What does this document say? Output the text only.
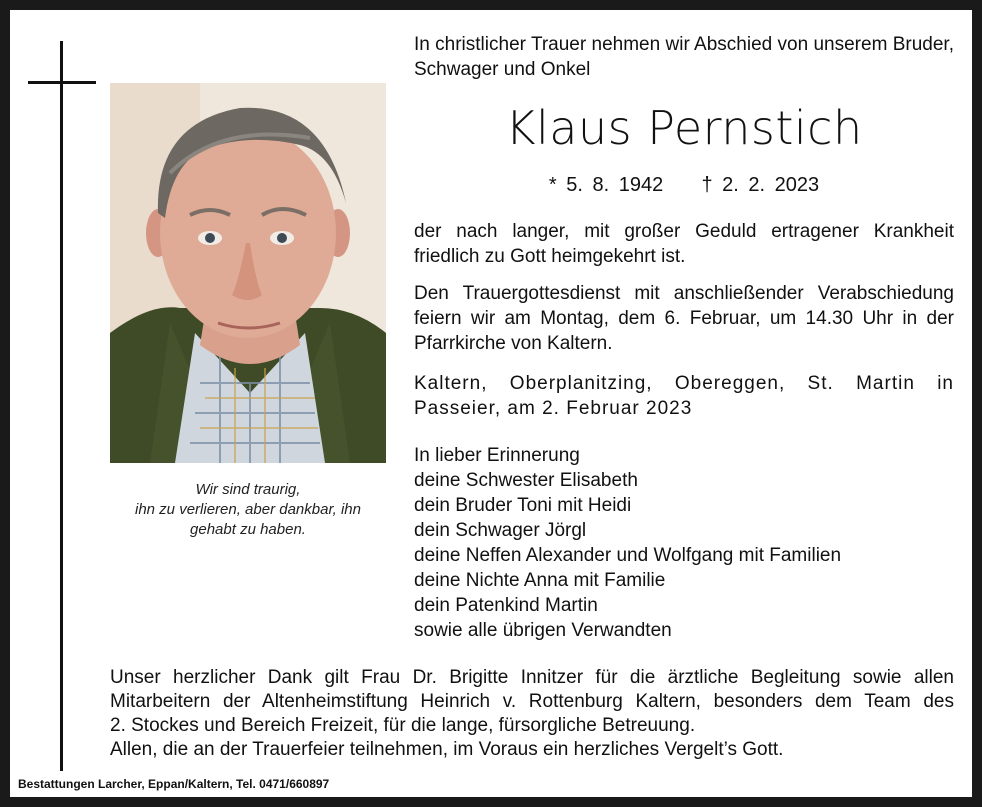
Wir sind traurig,
ihn zu verlieren, aber dankbar, ihn
gehabt zu haben.
In christlicher Trauer nehmen wir Abschied von unserem Bruder, Schwager und Onkel
Klaus Pernstich
* 5. 8. 1942    † 2. 2. 2023
der nach langer, mit großer Geduld ertragener Krankheit friedlich zu Gott heimgekehrt ist.
Den Trauergottesdienst mit anschließender Verabschiedung feiern wir am Montag, dem 6. Februar, um 14.30 Uhr in der Pfarrkirche von Kaltern.
Kaltern, Oberplanitzing, Obereggen, St. Martin in Passeier, am 2. Februar 2023
In lieber Erinnerung
deine Schwester Elisabeth
dein Bruder Toni mit Heidi
dein Schwager Jörgl
deine Neffen Alexander und Wolfgang mit Familien
deine Nichte Anna mit Familie
dein Patenkind Martin
sowie alle übrigen Verwandten
Unser herzlicher Dank gilt Frau Dr. Brigitte Innitzer für die ärztliche Begleitung sowie allen
Mitarbeitern der Altenheimstiftung Heinrich v. Rottenburg Kaltern, besonders dem Team des
2. Stockes und Bereich Freizeit, für die lange, fürsorgliche Betreuung.
Allen, die an der Trauerfeier teilnehmen, im Voraus ein herzliches Vergelt’s Gott.
Bestattungen Larcher, Eppan/Kaltern, Tel. 0471/660897
